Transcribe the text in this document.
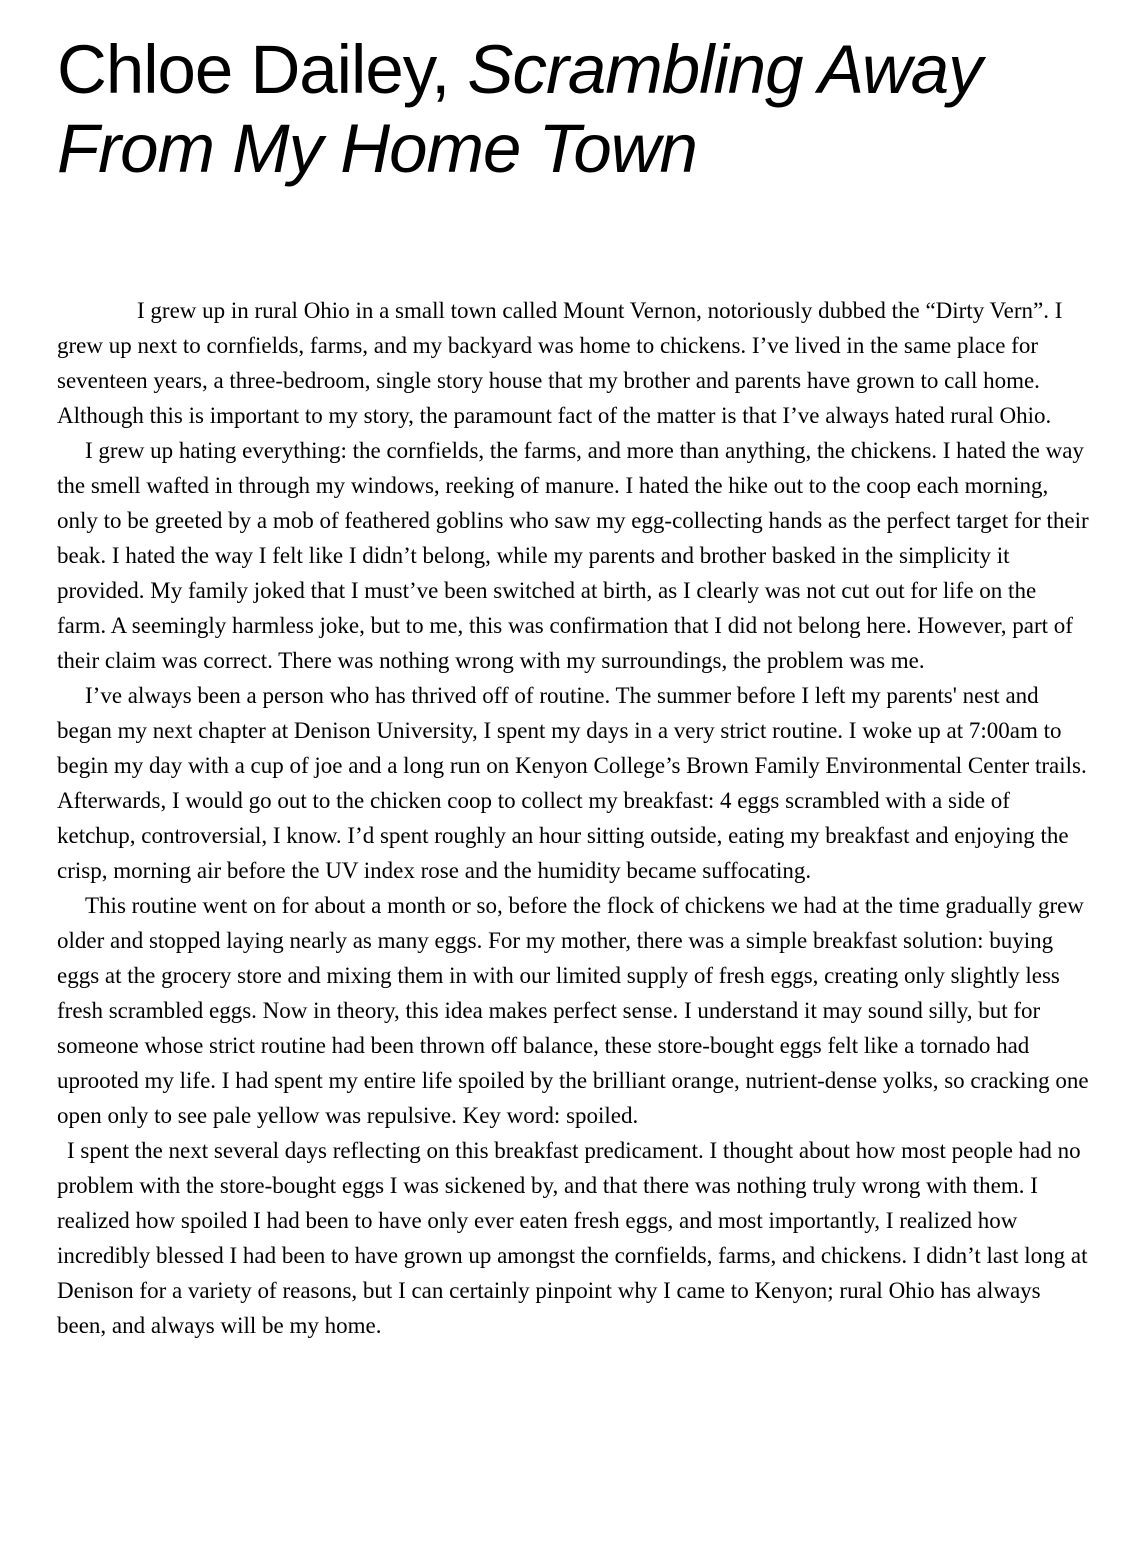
Chloe Dailey, Scrambling Away
From My Home Town

I grew up in rural Ohio in a small town called Mount Vernon, notoriously dubbed the “Dirty Vern”. I grew up next to cornfields, farms, and my backyard was home to chickens. I’ve lived in the same place for seventeen years, a three-bedroom, single story house that my brother and parents have grown to call home. Although this is important to my story, the paramount fact of the matter is that I’ve always hated rural Ohio.

I grew up hating everything: the cornfields, the farms, and more than anything, the chickens. I hated the way the smell wafted in through my windows, reeking of manure. I hated the hike out to the coop each morning, only to be greeted by a mob of feathered goblins who saw my egg-collecting hands as the perfect target for their beak. I hated the way I felt like I didn’t belong, while my parents and brother basked in the simplicity it provided. My family joked that I must’ve been switched at birth, as I clearly was not cut out for life on the farm. A seemingly harmless joke, but to me, this was confirmation that I did not belong here. However, part of their claim was correct. There was nothing wrong with my surroundings, the problem was me.

I’ve always been a person who has thrived off of routine. The summer before I left my parents' nest and began my next chapter at Denison University, I spent my days in a very strict routine. I woke up at 7:00am to begin my day with a cup of joe and a long run on Kenyon College’s Brown Family Environmental Center trails. Afterwards, I would go out to the chicken coop to collect my breakfast: 4 eggs scrambled with a side of ketchup, controversial, I know. I’d spent roughly an hour sitting outside, eating my breakfast and enjoying the crisp, morning air before the UV index rose and the humidity became suffocating.

This routine went on for about a month or so, before the flock of chickens we had at the time gradually grew older and stopped laying nearly as many eggs. For my mother, there was a simple breakfast solution: buying eggs at the grocery store and mixing them in with our limited supply of fresh eggs, creating only slightly less fresh scrambled eggs. Now in theory, this idea makes perfect sense. I understand it may sound silly, but for someone whose strict routine had been thrown off balance, these store-bought eggs felt like a tornado had uprooted my life. I had spent my entire life spoiled by the brilliant orange, nutrient-dense yolks, so cracking one open only to see pale yellow was repulsive. Key word: spoiled.

I spent the next several days reflecting on this breakfast predicament. I thought about how most people had no problem with the store-bought eggs I was sickened by, and that there was nothing truly wrong with them. I realized how spoiled I had been to have only ever eaten fresh eggs, and most importantly, I realized how incredibly blessed I had been to have grown up amongst the cornfields, farms, and chickens. I didn’t last long at Denison for a variety of reasons, but I can certainly pinpoint why I came to Kenyon; rural Ohio has always been, and always will be my home.
